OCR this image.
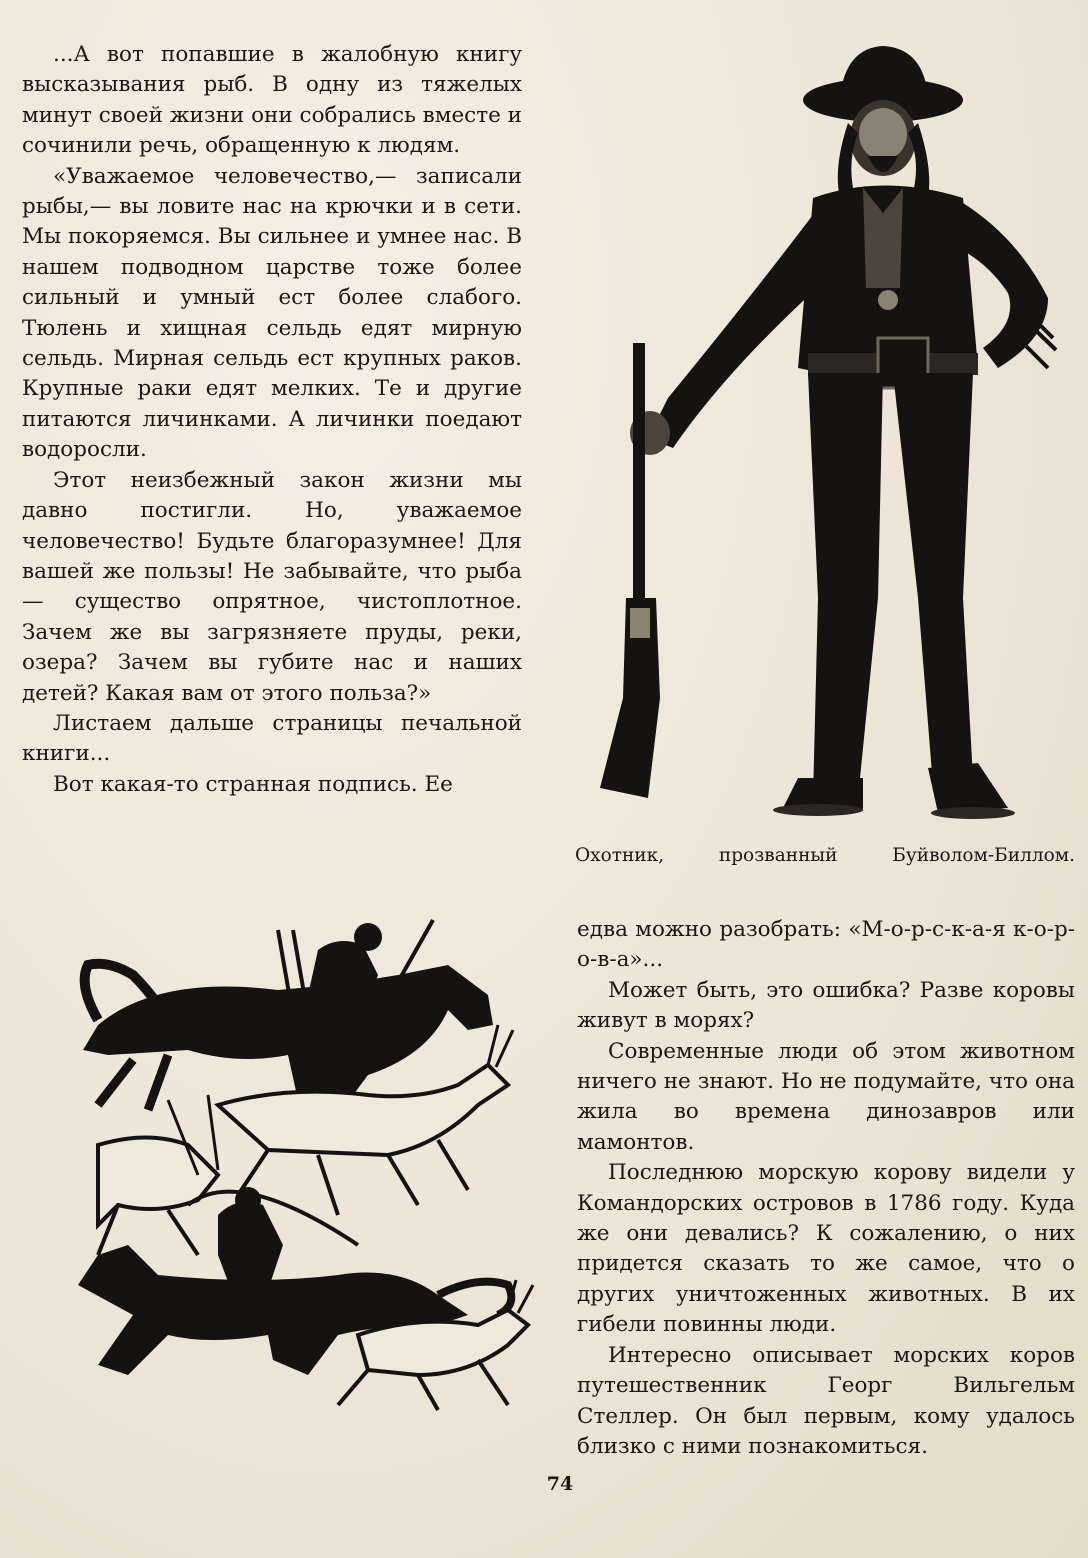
...А вот попавшие в жалобную книгу высказывания рыб. В одну из тяжелых минут своей жизни они собрались вместе и сочинили речь, обращенную к людям.

«Уважаемое человечество,— записали рыбы,— вы ловите нас на крючки и в сети. Мы покоряемся. Вы сильнее и умнее нас. В нашем подводном царстве тоже более сильный и умный ест более слабого. Тюлень и хищная сельдь едят мирную сельдь. Мирная сельдь ест крупных раков. Крупные раки едят мелких. Те и другие питаются личинками. А личинки поедают водоросли.

Этот неизбежный закон жизни мы давно постигли. Но, уважаемое человечество! Будьте благоразумнее! Для вашей же пользы! Не забывайте, что рыба — существо опрятное, чистоплотное. Зачем же вы загрязняете пруды, реки, озера? Зачем вы губите нас и наших детей? Какая вам от этого польза?»

Листаем дальше страницы печальной книги...

Вот какая-то странная подпись. Ее

Охотник, прозванный Буйволом-Биллом.

едва можно разобрать: «М-о-р-с-к-а-я к-о-р-о-в-а»...

Может быть, это ошибка? Разве коровы живут в морях?

Современные люди об этом животном ничего не знают. Но не подумайте, что она жила во времена динозавров или мамонтов.

Последнюю морскую корову видели у Командорских островов в 1786 году. Куда же они девались? К сожалению, о них придется сказать то же самое, что о других уничтоженных животных. В их гибели повинны люди.

Интересно описывает морских коров путешественник Георг Вильгельм Стеллер. Он был первым, кому удалось близко с ними познакомиться.

74
